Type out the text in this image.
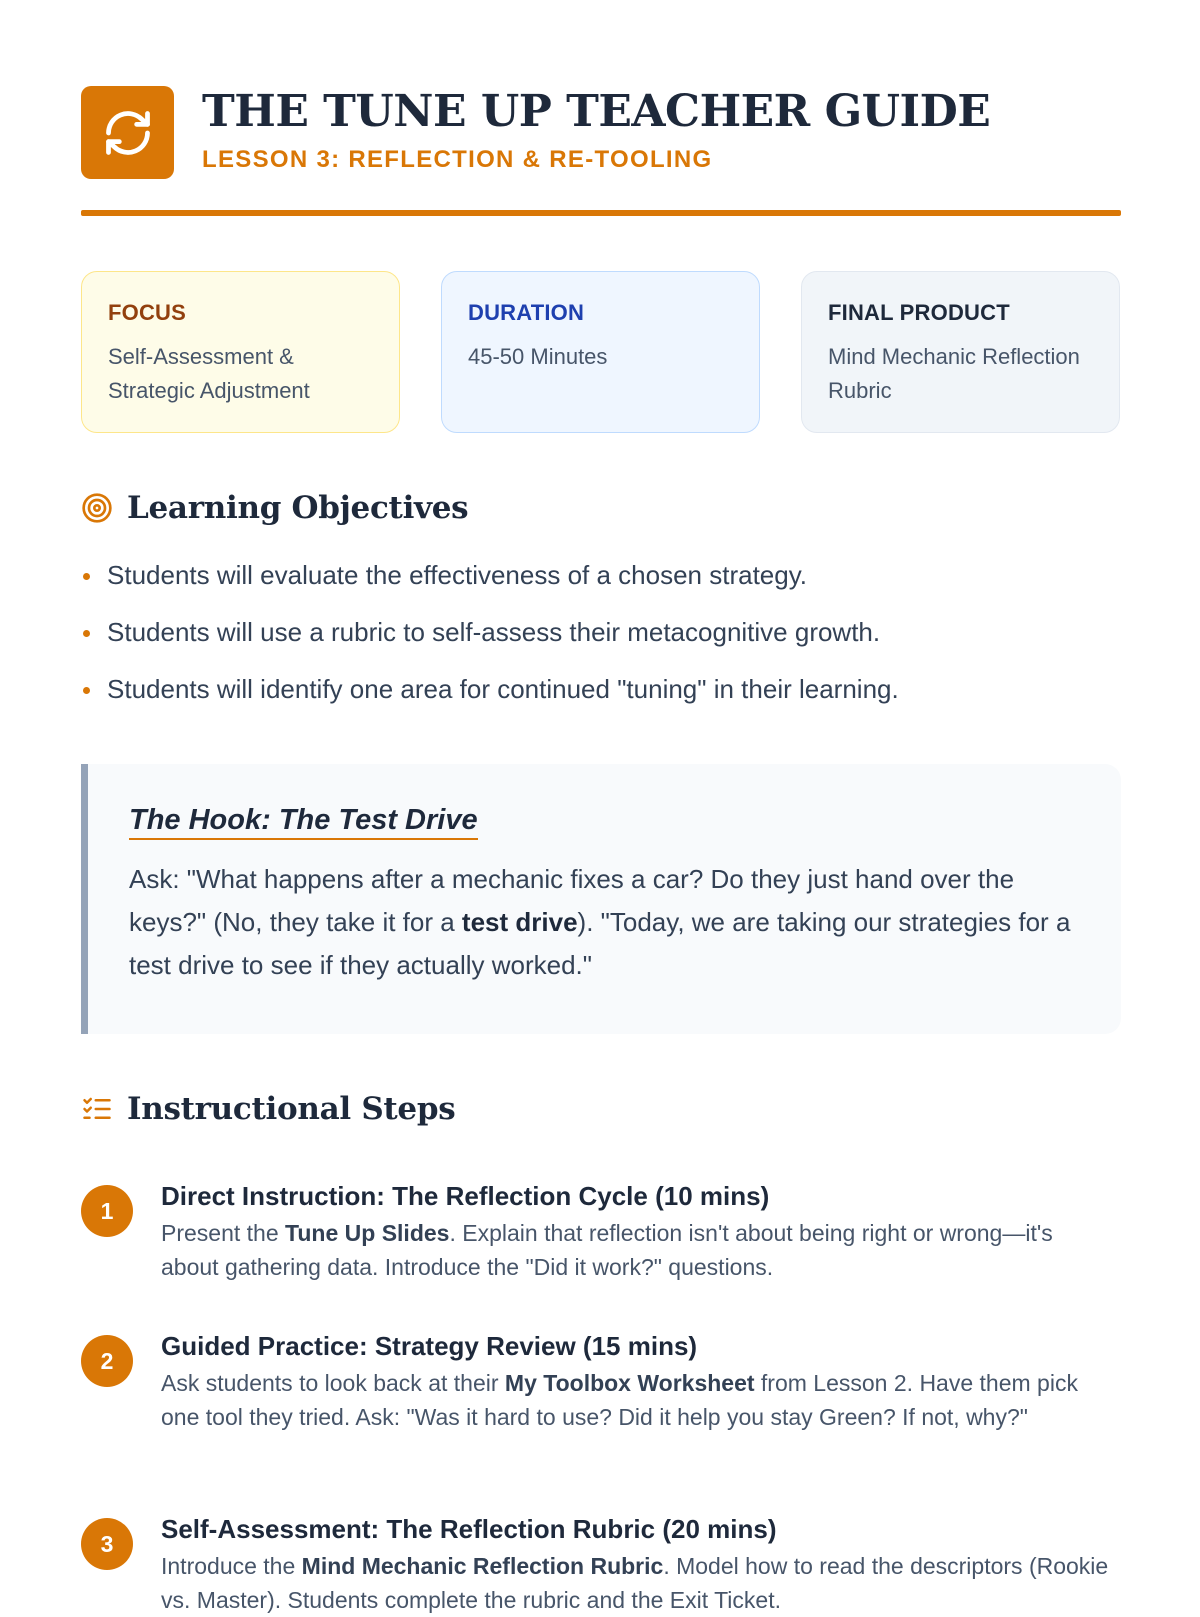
THE TUNE UP TEACHER GUIDE
LESSON 3: REFLECTION & RE-TOOLING
FOCUS
Self-Assessment & Strategic Adjustment
DURATION
45-50 Minutes
FINAL PRODUCT
Mind Mechanic Reflection Rubric
Learning Objectives
Students will evaluate the effectiveness of a chosen strategy.
Students will use a rubric to self-assess their metacognitive growth.
Students will identify one area for continued "tuning" in their learning.
The Hook: The Test Drive
Ask: "What happens after a mechanic fixes a car? Do they just hand over the keys?" (No, they take it for a test drive). "Today, we are taking our strategies for a test drive to see if they actually worked."
Instructional Steps
1	Direct Instruction: The Reflection Cycle (10 mins)
Present the Tune Up Slides. Explain that reflection isn't about being right or wrong—it's about gathering data. Introduce the "Did it work?" questions.
2	Guided Practice: Strategy Review (15 mins)
Ask students to look back at their My Toolbox Worksheet from Lesson 2. Have them pick one tool they tried. Ask: "Was it hard to use? Did it help you stay Green? If not, why?"
3	Self-Assessment: The Reflection Rubric (20 mins)
Introduce the Mind Mechanic Reflection Rubric. Model how to read the descriptors (Rookie vs. Master). Students complete the rubric and the Exit Ticket.
